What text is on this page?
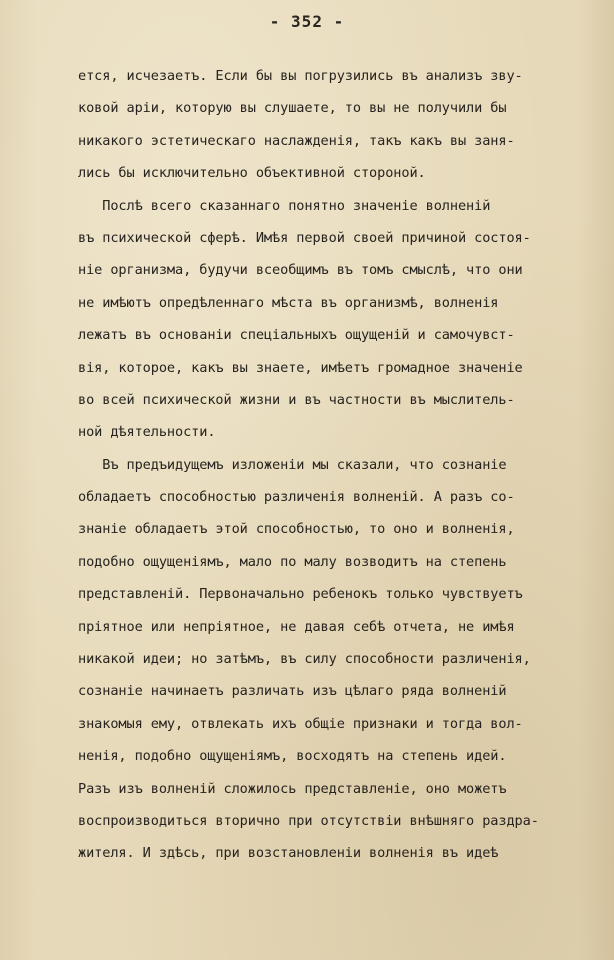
- 352 -
ется, исчезаетъ. Если бы вы погрузились въ анализъ зву-
ковой аріи, которую вы слушаете, то вы не получили бы
никакого эстетическаго наслажденія, такъ какъ вы заня-
лись бы исключительно объективной стороной.
Послѣ всего сказаннаго понятно значеніе волненій
въ психической сферѣ. Имѣя первой своей причиной состоя-
ніе организма, будучи всеобщимъ въ томъ смыслѣ, что они
не имѣютъ опредѣленнаго мѣста въ организмѣ, волненія
лежатъ въ основаніи спеціальныхъ ощущеній и самочувст-
вія, которое, какъ вы знаете, имѣетъ громадное значеніе
во всей психической жизни и въ частности въ мыслитель-
ной дѣятельности.
Въ предъидущемъ изложеніи мы сказали, что сознаніе
обладаетъ способностью различенія волненій. А разъ со-
знаніе обладаетъ этой способностью, то оно и волненія,
подобно ощущеніямъ, мало по малу возводитъ на степень
представленій. Первоначально ребенокъ только чувствуетъ
пріятное или непріятное, не давая себѣ отчета, не имѣя
никакой идеи; но затѣмъ, въ силу способности различенія,
сознаніе начинаетъ различать изъ цѣлаго ряда волненій
знакомыя ему, отвлекать ихъ общіе признаки и тогда вол-
ненія, подобно ощущеніямъ, восходятъ на степень идей.
Разъ изъ волненій сложилось представленіе, оно можетъ
воспроизводиться вторично при отсутствіи внѣшняго раздра-
жителя. И здѣсь, при возстановленіи волненія въ идеѣ
